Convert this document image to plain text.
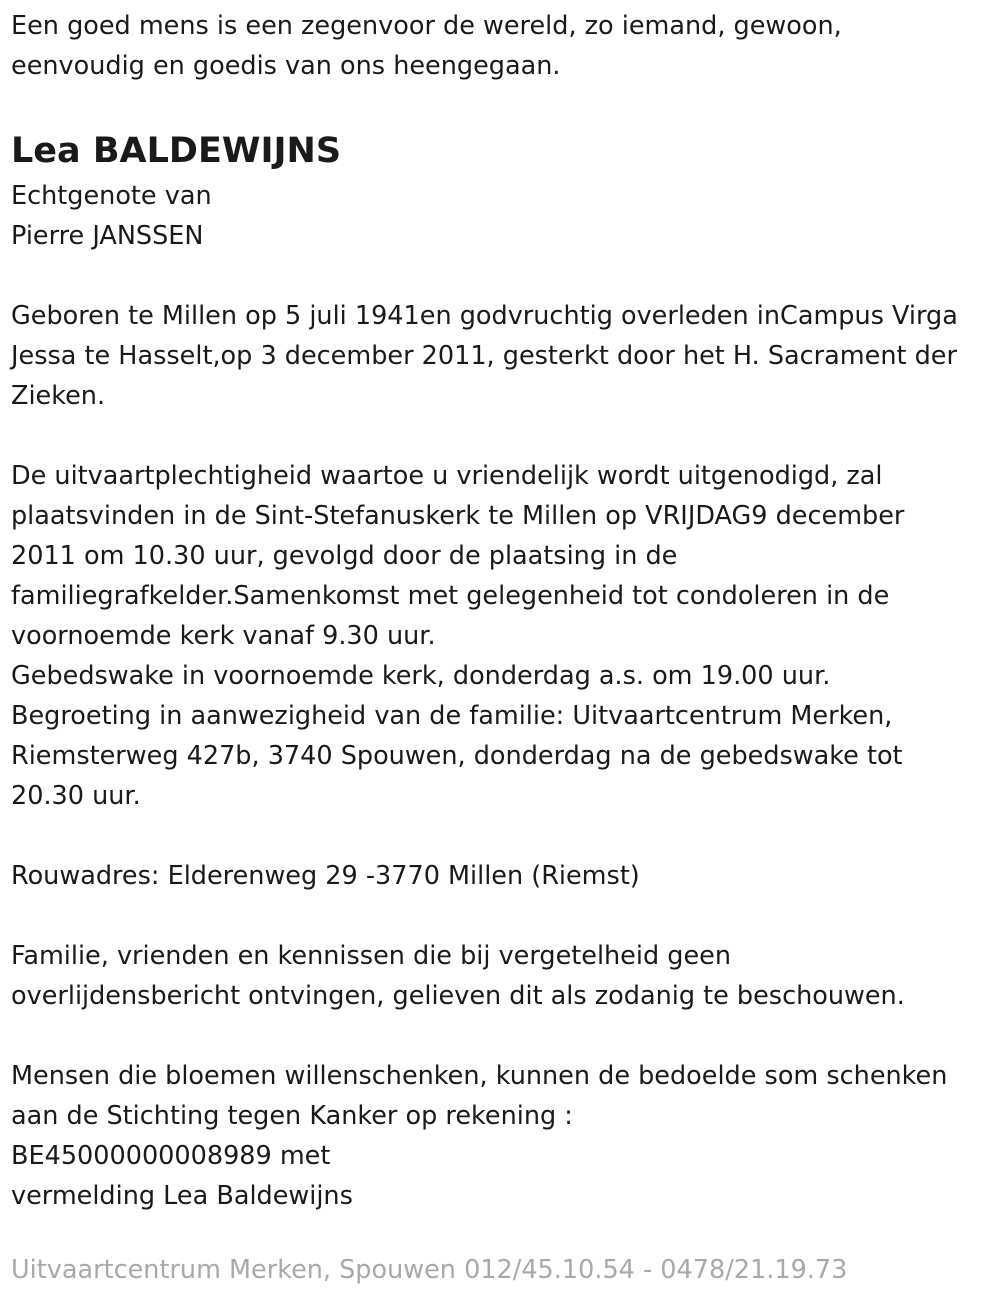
Een goed mens is een zegenvoor de wereld, zo iemand, gewoon,

eenvoudig en goedis van ons heengegaan.

Lea BALDEWIJNS

Echtgenote van

Pierre JANSSEN

Geboren te Millen op 5 juli 1941en godvruchtig overleden inCampus Virga

Jessa te Hasselt,op 3 december 2011, gesterkt door het H. Sacrament der

Zieken.

De uitvaartplechtigheid waartoe u vriendelijk wordt uitgenodigd, zal

plaatsvinden in de Sint-Stefanuskerk te Millen op VRIJDAG9 december

2011 om 10.30 uur, gevolgd door de plaatsing in de

familiegrafkelder.Samenkomst met gelegenheid tot condoleren in de

voornoemde kerk vanaf 9.30 uur.

Gebedswake in voornoemde kerk, donderdag a.s. om 19.00 uur.

Begroeting in aanwezigheid van de familie: Uitvaartcentrum Merken,

Riemsterweg 427b, 3740 Spouwen, donderdag na de gebedswake tot

20.30 uur.

Rouwadres: Elderenweg 29 -3770 Millen (Riemst)

Familie, vrienden en kennissen die bij vergetelheid geen

overlijdensbericht ontvingen, gelieven dit als zodanig te beschouwen.

Mensen die bloemen willenschenken, kunnen de bedoelde som schenken

aan de Stichting tegen Kanker op rekening :

BE45000000008989 met

vermelding Lea Baldewijns

Uitvaartcentrum Merken, Spouwen 012/45.10.54 - 0478/21.19.73
